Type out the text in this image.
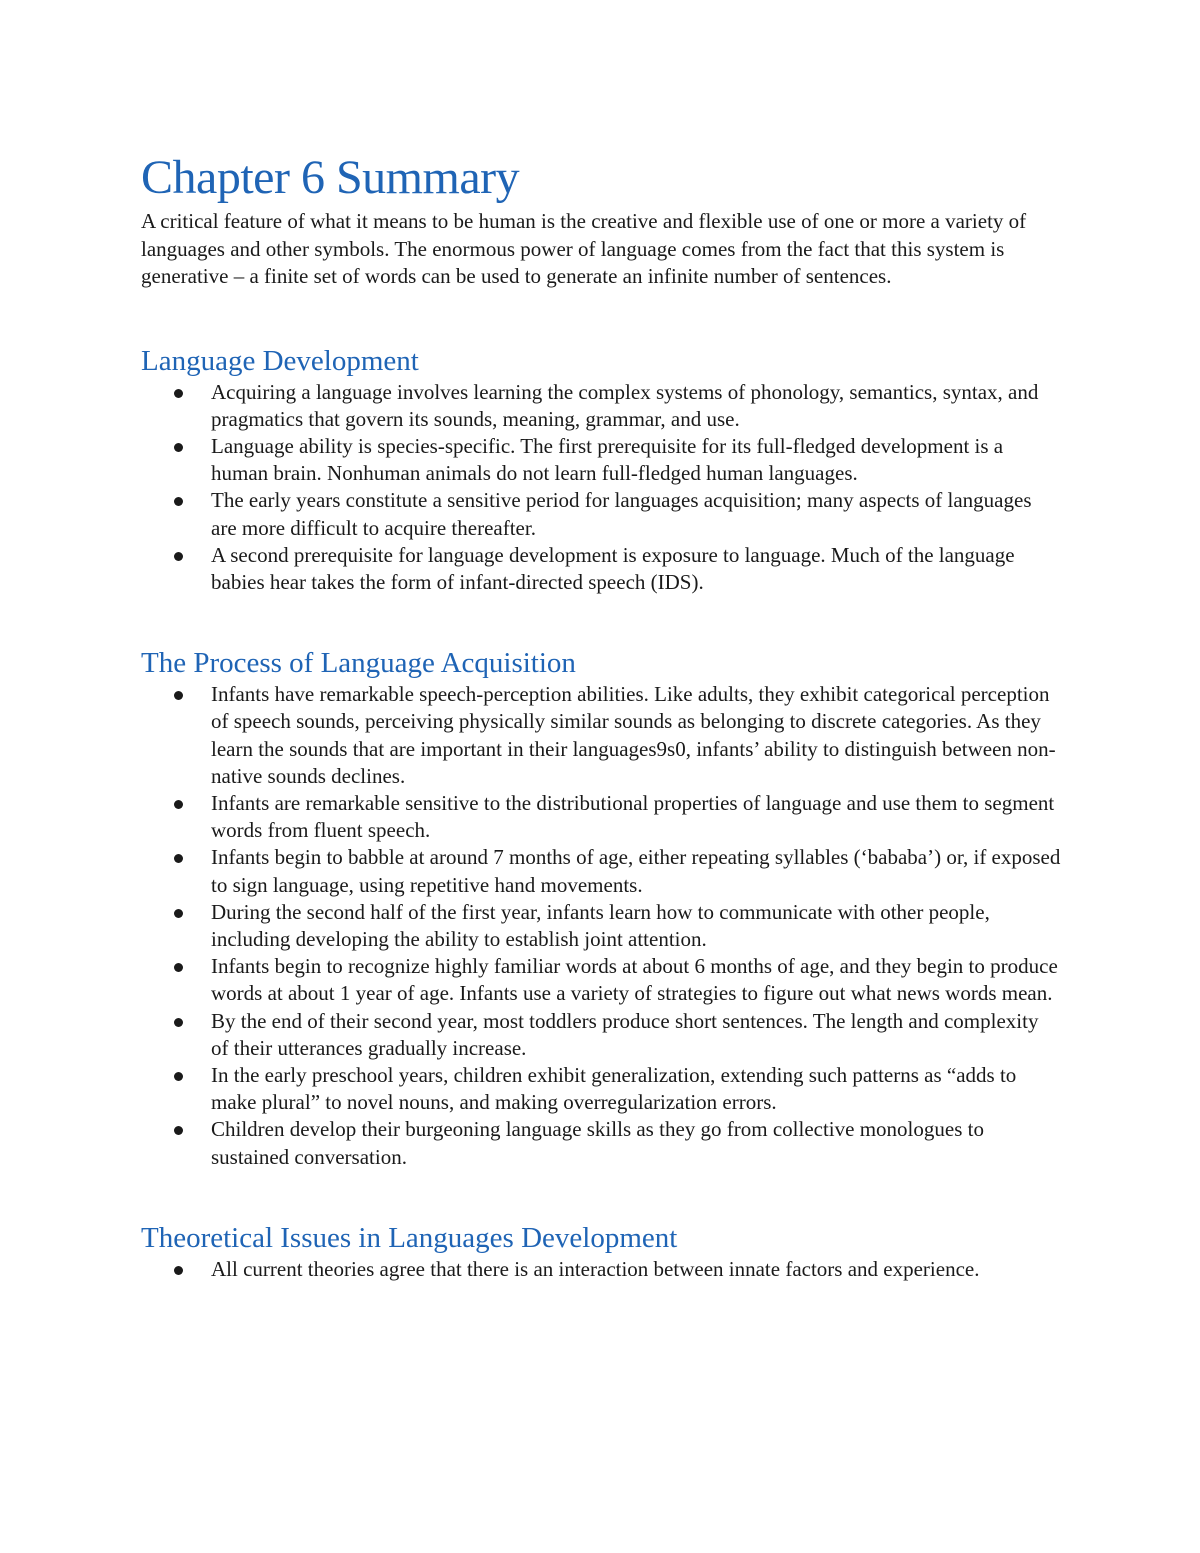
Chapter 6 Summary

A critical feature of what it means to be human is the creative and flexible use of one or more a variety of languages and other symbols. The enormous power of language comes from the fact that this system is generative – a finite set of words can be used to generate an infinite number of sentences.

Language Development
Acquiring a language involves learning the complex systems of phonology, semantics, syntax, and pragmatics that govern its sounds, meaning, grammar, and use.
Language ability is species-specific. The first prerequisite for its full-fledged development is a human brain. Nonhuman animals do not learn full-fledged human languages.
The early years constitute a sensitive period for languages acquisition; many aspects of languages are more difficult to acquire thereafter.
A second prerequisite for language development is exposure to language. Much of the language babies hear takes the form of infant-directed speech (IDS).
The Process of Language Acquisition
Infants have remarkable speech-perception abilities. Like adults, they exhibit categorical perception of speech sounds, perceiving physically similar sounds as belonging to discrete categories. As they learn the sounds that are important in their languages9s0, infants’ ability to distinguish between non-native sounds declines.
Infants are remarkable sensitive to the distributional properties of language and use them to segment words from fluent speech.
Infants begin to babble at around 7 months of age, either repeating syllables (‘bababa’) or, if exposed to sign language, using repetitive hand movements.
During the second half of the first year, infants learn how to communicate with other people, including developing the ability to establish joint attention.
Infants begin to recognize highly familiar words at about 6 months of age, and they begin to produce words at about 1 year of age. Infants use a variety of strategies to figure out what news words mean.
By the end of their second year, most toddlers produce short sentences. The length and complexity of their utterances gradually increase.
In the early preschool years, children exhibit generalization, extending such patterns as “adds to make plural” to novel nouns, and making overregularization errors.
Children develop their burgeoning language skills as they go from collective monologues to sustained conversation.
Theoretical Issues in Languages Development
All current theories agree that there is an interaction between innate factors and experience.
